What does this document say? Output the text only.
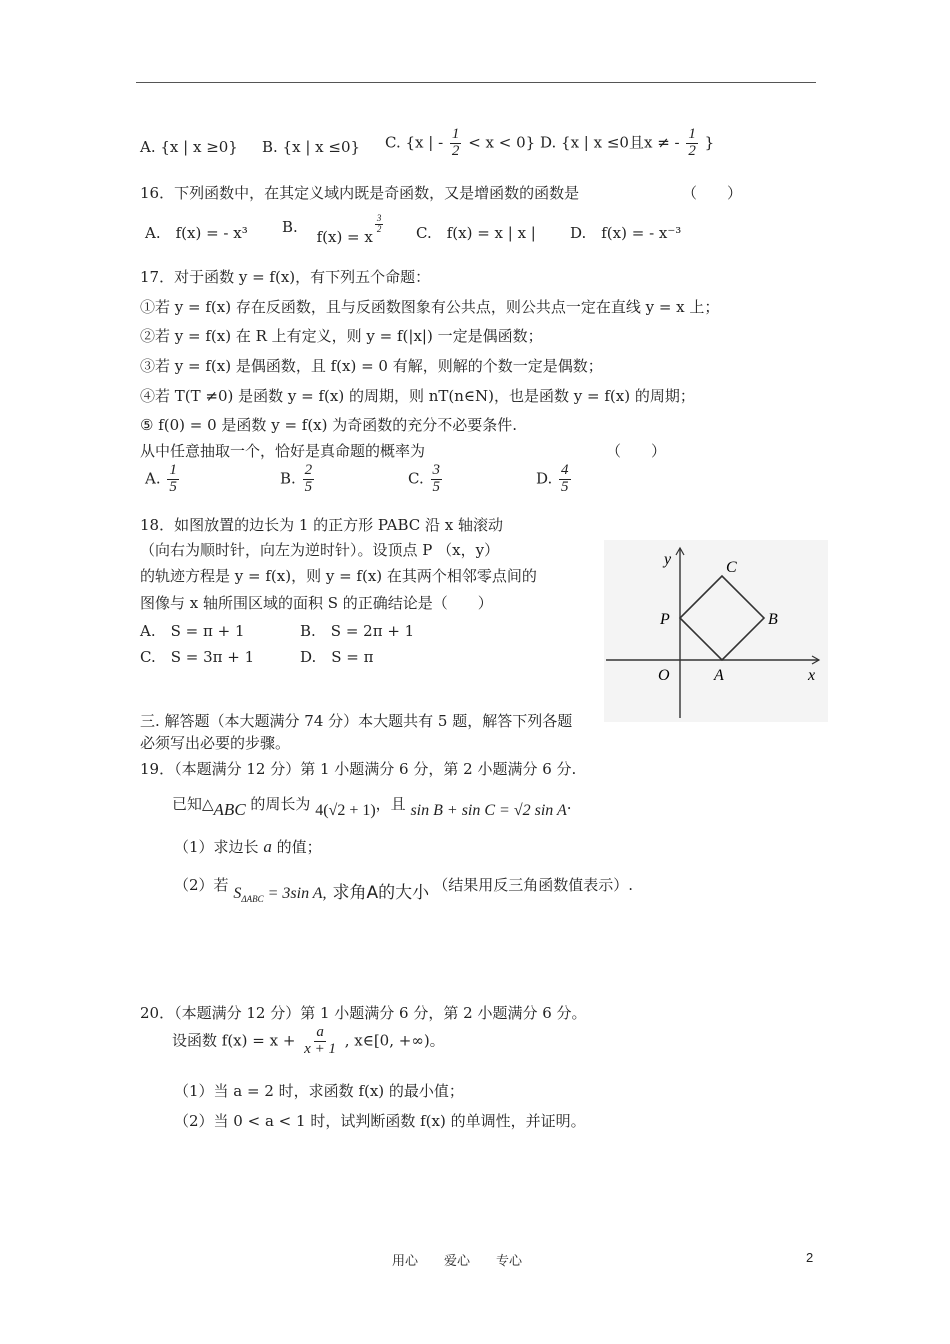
A. {x | x ≥0} B. {x | x ≤0} C. {x | - $\frac{1}{2} < x < 0$} D. {x | x ≤0且x ≠ - $\frac{1}{2}$ }
16．下列函数中，在其定义域内既是奇函数，又是增函数的函数是	（　　）
A.　f(x) = - x³ B. f(x) = x
$\frac{3}{2} C$.　f(x) = x | x | D.　f(x) = - x⁻³
17．对于函数 y = f(x)，有下列五个命题：
①若 y = f(x) 存在反函数，且与反函数图象有公共点，则公共点一定在直线 y = x 上；
②若 y = f(x) 在 R 上有定义，则 y = f(|x|) 一定是偶函数；
③若 y = f(x) 是偶函数，且 f(x) = 0 有解，则解的个数一定是偶数；
④若 T(T ≠0) 是函数 y = f(x) 的周期，则 nT(n∈N)，也是函数 y = f(x) 的周期；
⑤ f(0) = 0 是函数 y = f(x) 为奇函数的充分不必要条件.
从中任意抽取一个，恰好是真命题的概率为	（　　）
A. $\frac{1}{5}$	B. $\frac{2}{5}$	C. $\frac{3}{5}$	D. $\frac{4}{5}$
18．如图放置的边长为 1 的正方形 PABC 沿 x 轴滚动
（向右为顺时针，向左为逆时针）。设顶点 P （x，y）
的轨迹方程是 y = f(x)，则 y = f(x) 在其两个相邻零点间的
图像与 x 轴所围区域的面积 S 的正确结论是（　　）
A.　S = π + 1	B.　S = 2π + 1
C.　S = 3π + 1	D.　S = π
y
x
O	A
B
C
P
三. 解答题（本大题满分 74 分）本大题共有 5 题，解答下列各题
必须写出必要的步骤。
19．（本题满分 12 分）第 1 小题满分 6 分，第 2 小题满分 6 分.
已知△ABC 的周长为 4(√2 + 1)，且 sin B + sin C = √2 sin A.
（1）求边长 a 的值；
（2）若 $S_{\Delta ABC} = 3\sin$ A, 求角A的大小 （结果用反三角函数值表示）.
20．（本题满分 12 分）第 1 小题满分 6 分，第 2 小题满分 6 分。
设函数 $f(x) = x + \frac{a}{x + 1}$ , x∈[0, +∞)。
（1）当 a = 2 时，求函数 f(x) 的最小值；
（2）当 0 < a < 1 时，试判断函数 f(x) 的单调性，并证明。
用心　　爱心　　专心	2
